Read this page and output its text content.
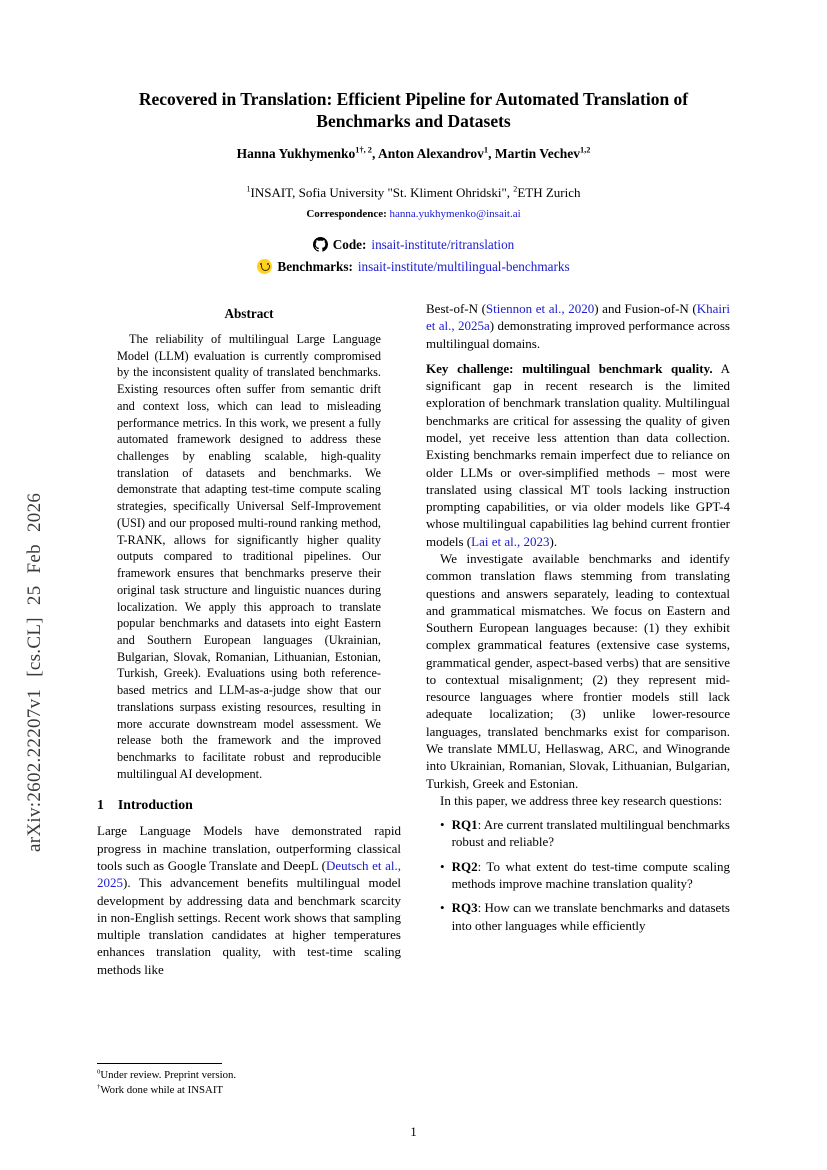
arXiv:2602.22207v1 [cs.CL] 25 Feb 2026
Recovered in Translation: Efficient Pipeline for Automated Translation of Benchmarks and Datasets
Hanna Yukhymenko$^{1\dagger, 2}$, Anton Alexandrov$^1$, Martin Vechev$^{1,2}$
$^1$INSAIT, Sofia University "St. Kliment Ohridski", $^2$ETH Zurich
Correspondence: hanna.yukhymenko@insait.ai
Code: insait-institute/ritranslation
Benchmarks: insait-institute/multilingual-benchmarks
Abstract

The reliability of multilingual Large Language Model (LLM) evaluation is currently compromised by the inconsistent quality of translated benchmarks. Existing resources often suffer from semantic drift and context loss, which can lead to misleading performance metrics. In this work, we present a fully automated framework designed to address these challenges by enabling scalable, high-quality translation of datasets and benchmarks. We demonstrate that adapting test-time compute scaling strategies, specifically Universal Self-Improvement (USI) and our proposed multi-round ranking method, T-RANK, allows for significantly higher quality outputs compared to traditional pipelines. Our framework ensures that benchmarks preserve their original task structure and linguistic nuances during localization. We apply this approach to translate popular benchmarks and datasets into eight Eastern and Southern European languages (Ukrainian, Bulgarian, Slovak, Romanian, Lithuanian, Estonian, Turkish, Greek). Evaluations using both reference-based metrics and LLM-as-a-judge show that our translations surpass existing resources, resulting in more accurate downstream model assessment. We release both the framework and the improved benchmarks to facilitate robust and reproducible multilingual AI development.

1 Introduction

Large Language Models have demonstrated rapid progress in machine translation, outperforming classical tools such as Google Translate and DeepL (Deutsch et al., 2025). This advancement benefits multilingual model development by addressing data and benchmark scarcity in non-English settings. Recent work shows that sampling multiple translation candidates at higher temperatures enhances translation quality, with test-time scaling methods like

Best-of-N (Stiennon et al., 2020) and Fusion-of-N (Khairi et al., 2025a) demonstrating improved performance across multilingual domains.

Key challenge: multilingual benchmark quality. A significant gap in recent research is the limited exploration of benchmark translation quality. Multilingual benchmarks are critical for assessing the quality of given model, yet receive less attention than data collection. Existing benchmarks remain imperfect due to reliance on older LLMs or over-simplified methods – most were translated using classical MT tools lacking instruction prompting capabilities, or via older models like GPT-4 whose multilingual capabilities lag behind current frontier models (Lai et al., 2023).

We investigate available benchmarks and identify common translation flaws stemming from translating questions and answers separately, leading to contextual and grammatical mismatches. We focus on Eastern and Southern European languages because: (1) they exhibit complex grammatical features (extensive case systems, grammatical gender, aspect-based verbs) that are sensitive to contextual misalignment; (2) they represent mid-resource languages where frontier models still lack adequate localization; (3) unlike lower-resource languages, translated benchmarks exist for comparison. We translate MMLU, Hellaswag, ARC, and Winogrande into Ukrainian, Romanian, Slovak, Lithuanian, Bulgarian, Turkish, Greek and Estonian.

In this paper, we address three key research questions:

• RQ1: Are current translated multilingual benchmarks robust and reliable?
• RQ2: To what extent do test-time compute scaling methods improve machine translation quality?
• RQ3: How can we translate benchmarks and datasets into other languages while efficiently
$^0$Under review. Preprint version.
†Work done while at INSAIT
1
